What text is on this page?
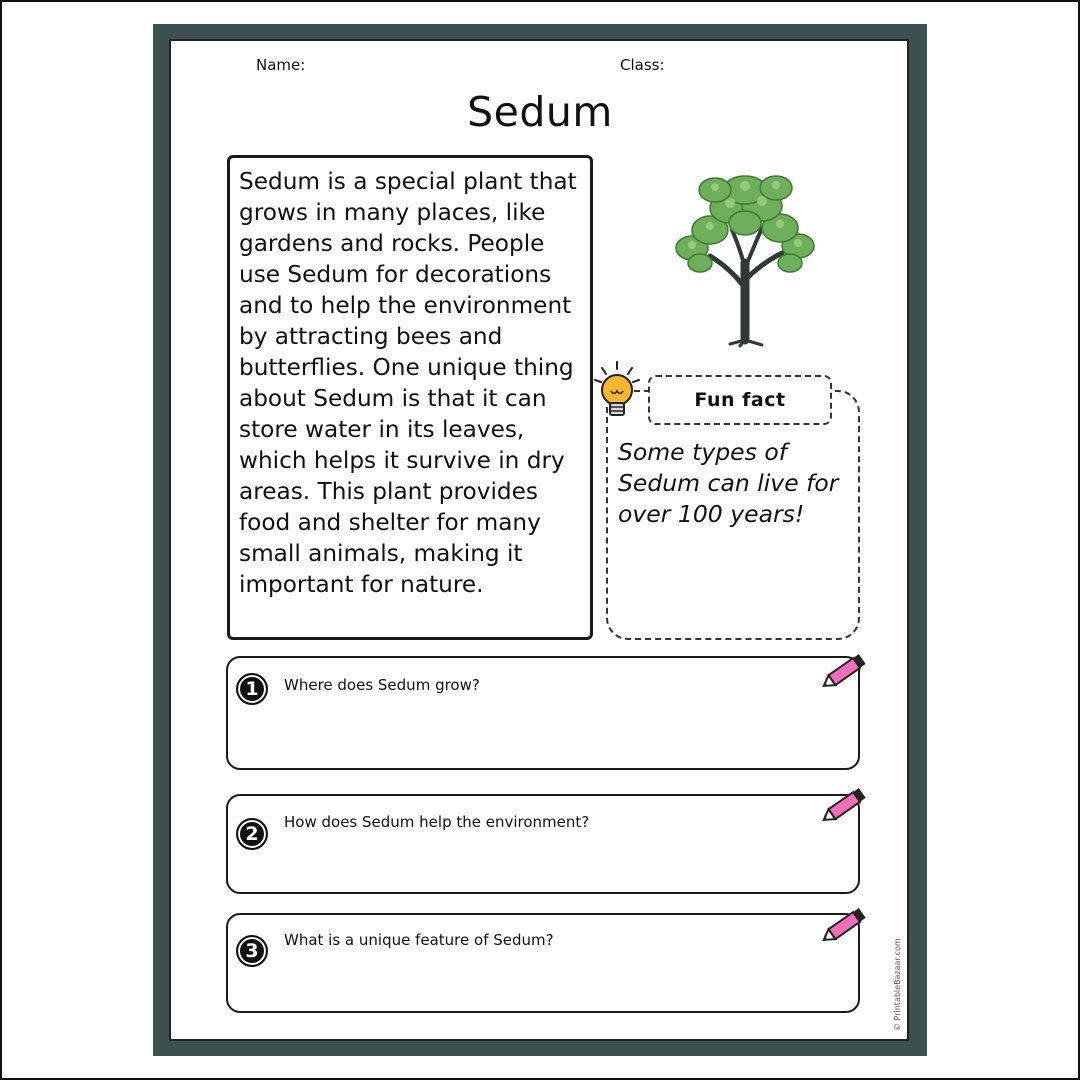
Name:	Class:
Sedum

Sedum is a special plant that grows in many places, like gardens and rocks. People use Sedum for decorations and to help the environment by attracting bees and butterflies. One unique thing about Sedum is that it can store water in its leaves, which helps it survive in dry areas. This plant provides food and shelter for many small animals, making it important for nature.

Fun fact

Some types of Sedum can live for over 100 years!

1	Where does Sedum grow?
2
How does Sedum help the environment?
3	What is a unique feature of Sedum?	© PrintableBazaar.com
